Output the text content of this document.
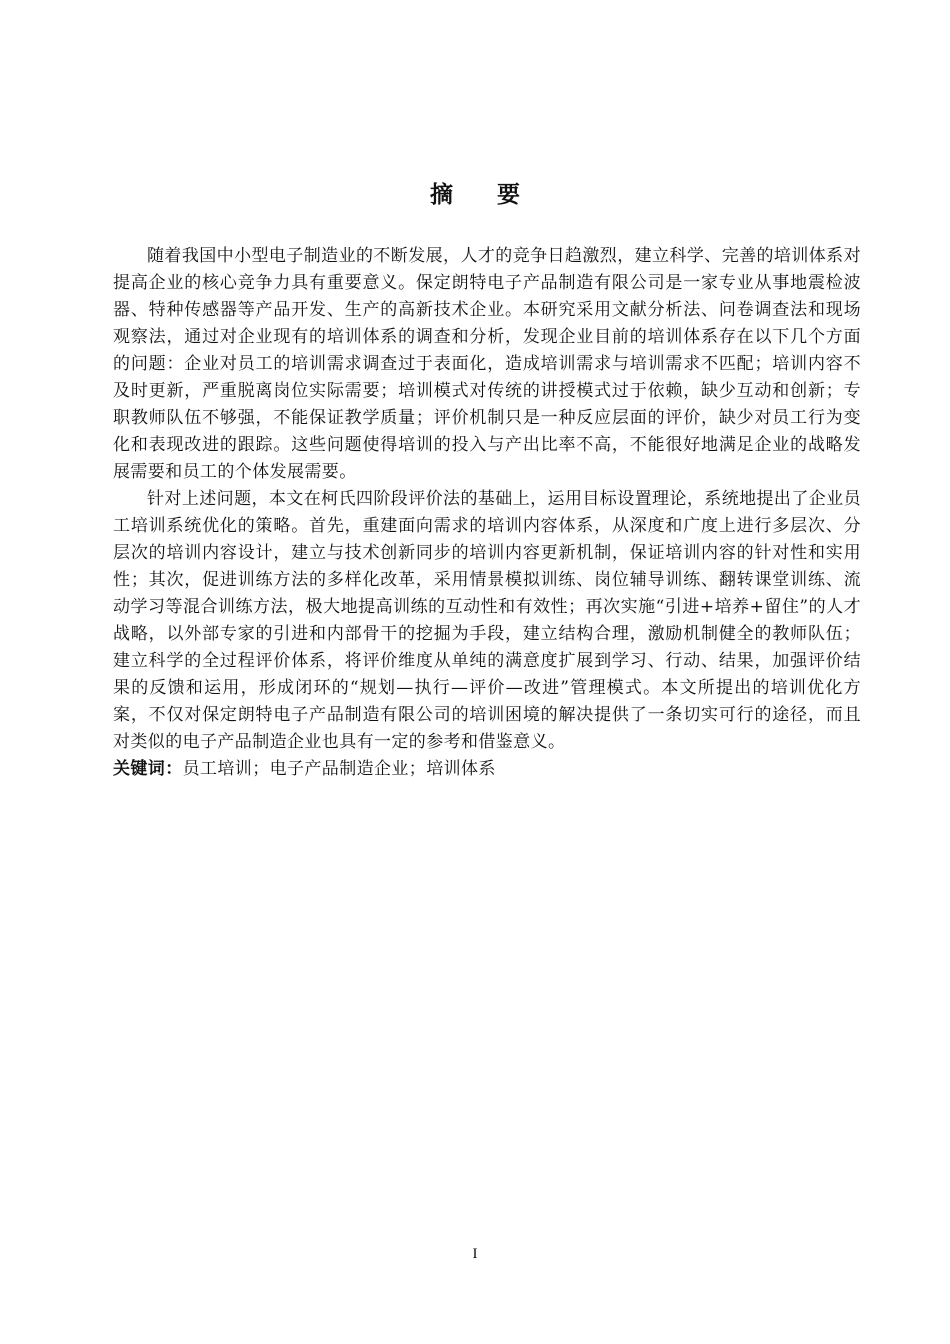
摘 要

随着我国中小型电子制造业的不断发展，人才的竞争日趋激烈，建立科学、完善的培训体系对提高企业的核心竞争力具有重要意义。保定朗特电子产品制造有限公司是一家专业从事地震检波器、特种传感器等产品开发、生产的高新技术企业。本研究采用文献分析法、问卷调查法和现场观察法，通过对企业现有的培训体系的调查和分析，发现企业目前的培训体系存在以下几个方面的问题：企业对员工的培训需求调查过于表面化，造成培训需求与培训需求不匹配；培训内容不及时更新，严重脱离岗位实际需要；培训模式对传统的讲授模式过于依赖，缺少互动和创新；专职教师队伍不够强，不能保证教学质量；评价机制只是一种反应层面的评价，缺少对员工行为变化和表现改进的跟踪。这些问题使得培训的投入与产出比率不高，不能很好地满足企业的战略发展需要和员工的个体发展需要。

针对上述问题，本文在柯氏四阶段评价法的基础上，运用目标设置理论，系统地提出了企业员工培训系统优化的策略。首先，重建面向需求的培训内容体系，从深度和广度上进行多层次、分层次的培训内容设计，建立与技术创新同步的培训内容更新机制，保证培训内容的针对性和实用性；其次，促进训练方法的多样化改革，采用情景模拟训练、岗位辅导训练、翻转课堂训练、流动学习等混合训练方法，极大地提高训练的互动性和有效性；再次实施“引进+培养+留住”的人才战略，以外部专家的引进和内部骨干的挖掘为手段，建立结构合理，激励机制健全的教师队伍；建立科学的全过程评价体系，将评价维度从单纯的满意度扩展到学习、行动、结果，加强评价结果的反馈和运用，形成闭环的“规划—执行—评价—改进”管理模式。本文所提出的培训优化方案，不仅对保定朗特电子产品制造有限公司的培训困境的解决提供了一条切实可行的途径，而且对类似的电子产品制造企业也具有一定的参考和借鉴意义。

关键词：员工培训；电子产品制造企业；培训体系

I
